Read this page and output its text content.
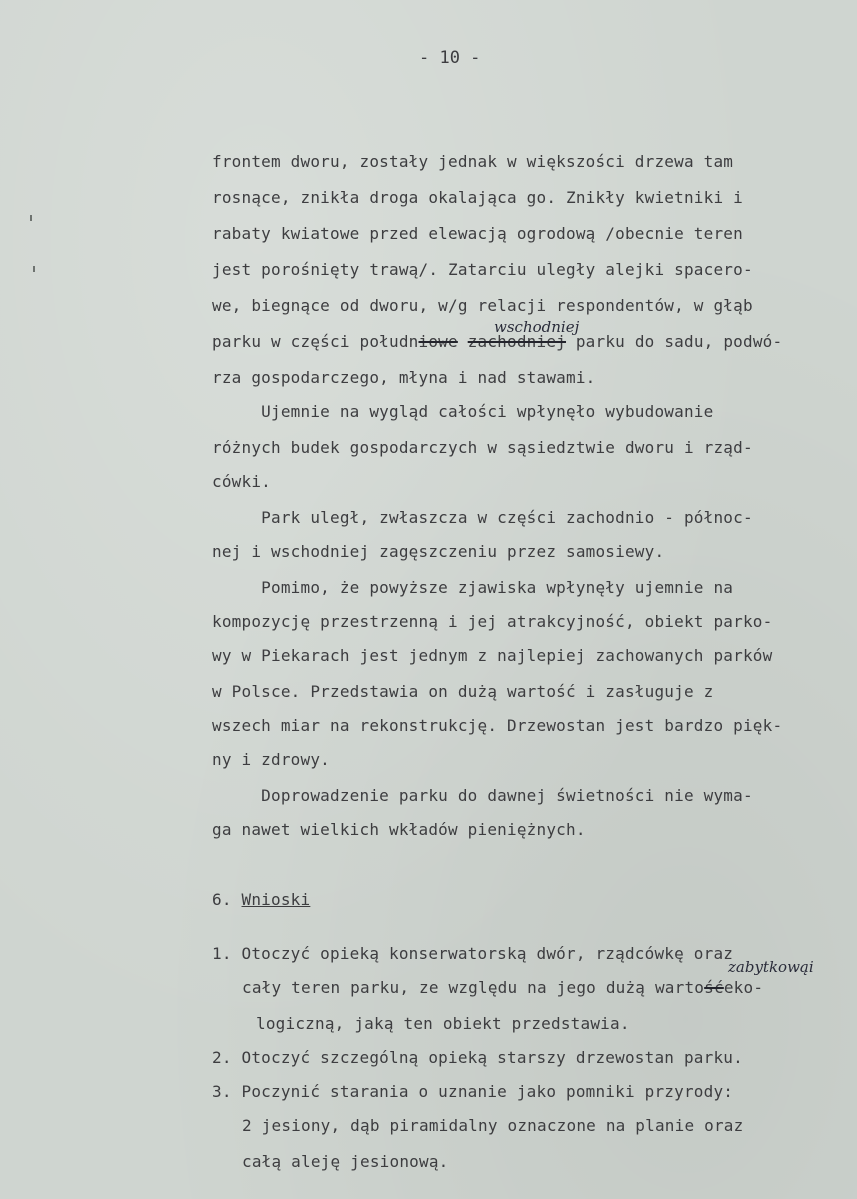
- 10 -
frontem dworu, zostały jednak w większości drzewa tam
rosnące, znikła droga okalająca go. Znikły kwietniki i
rabaty kwiatowe przed elewacją ogrodową /obecnie teren
jest porośnięty trawą/. Zatarciu uległy alejki spacero-
we, biegnące od dworu, w/g relacji respondentów, w głąb
wschodniej
parku w części południowe zachodniej parku do sadu, podwó-
rza gospodarczego, młyna i nad stawami.
Ujemnie na wygląd całości wpłynęło wybudowanie
różnych budek gospodarczych w sąsiedztwie dworu i rząd-
cówki.
Park uległ, zwłaszcza w części zachodnio - północ-
nej i wschodniej zagęszczeniu przez samosiewy.
Pomimo, że powyższe zjawiska wpłynęły ujemnie na
kompozycję przestrzenną i jej atrakcyjność, obiekt parko-
wy w Piekarach jest jednym z najlepiej zachowanych parków
w Polsce. Przedstawia on dużą wartość i zasługuje z
wszech miar na rekonstrukcję. Drzewostan jest bardzo pięk-
ny i zdrowy.
Doprowadzenie parku do dawnej świetności nie wyma-
ga nawet wielkich wkładów pieniężnych.
6. Wnioski
1. Otoczyć opieką konserwatorską dwór, rządcówkę oraz
zabytkowąi
cały teren parku, ze względu na jego dużą wartośćeko-
logiczną, jaką ten obiekt przedstawia.
2. Otoczyć szczególną opieką starszy drzewostan parku.
3. Poczynić starania o uznanie jako pomniki przyrody:
2 jesiony, dąb piramidalny oznaczone na planie oraz
całą aleję jesionową.
